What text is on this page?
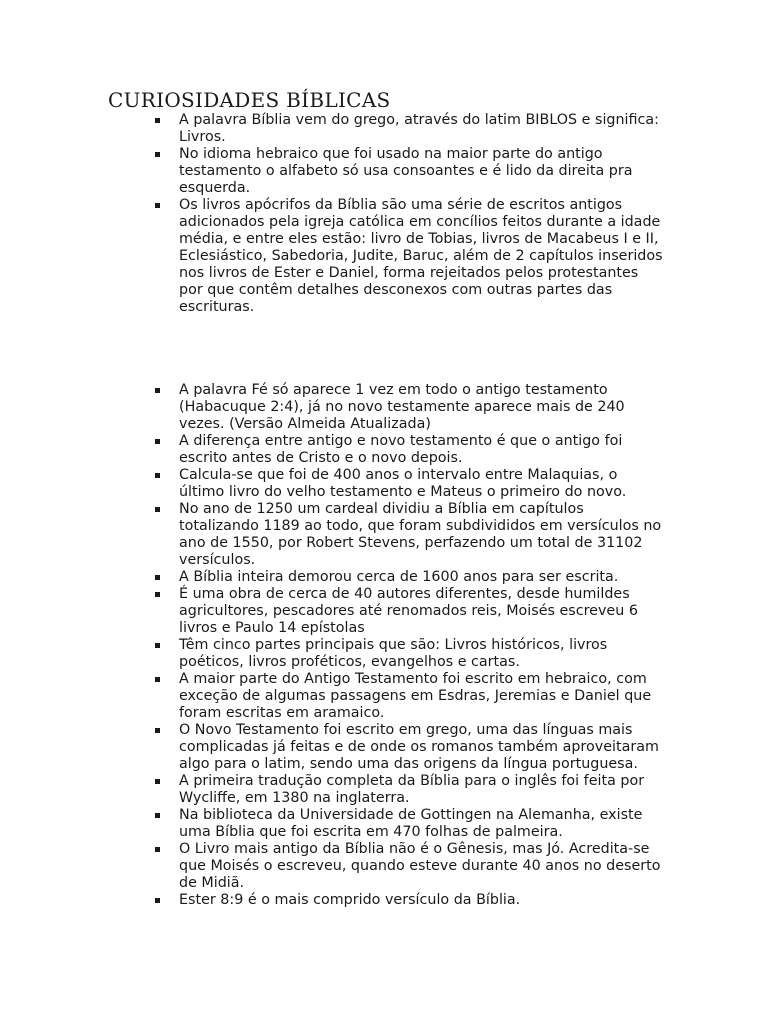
CURIOSIDADES BÍBLICAS
A palavra Bíblia vem do grego, através do latim BIBLOS e significa: Livros.
No idioma hebraico que foi usado na maior parte do antigo testamento o alfabeto só usa consoantes e é lido da direita pra esquerda.
Os livros apócrifos da Bíblia são uma série de escritos antigos adicionados pela igreja católica em concílios feitos durante a idade média, e entre eles estão: livro de Tobias, livros de Macabeus I e II, Eclesiástico, Sabedoria, Judite, Baruc, além de 2 capítulos inseridos nos livros de Ester e Daniel, forma rejeitados pelos protestantes por que contêm detalhes desconexos com outras partes das escrituras.
A palavra Fé só aparece 1 vez em todo o antigo testamento (Habacuque 2:4), já no novo testamente aparece mais de 240 vezes. (Versão Almeida Atualizada)
A diferença entre antigo e novo testamento é que o antigo foi escrito antes de Cristo e o novo depois.
Calcula-se que foi de 400 anos o intervalo entre Malaquias, o último livro do velho testamento e Mateus o primeiro do novo.
No ano de 1250 um cardeal dividiu a Bíblia em capítulos totalizando 1189 ao todo, que foram subdivididos em versículos no ano de 1550, por Robert Stevens, perfazendo um total de 31102 versículos.
A Bíblia inteira demorou cerca de 1600 anos para ser escrita.
É uma obra de cerca de 40 autores diferentes, desde humildes agricultores, pescadores até renomados reis, Moisés escreveu 6 livros e Paulo 14 epístolas
Têm cinco partes principais que são: Livros históricos, livros poéticos, livros proféticos, evangelhos e cartas.
A maior parte do Antigo Testamento foi escrito em hebraico, com exceção de algumas passagens em Esdras, Jeremias e Daniel que foram escritas em aramaico.
O Novo Testamento foi escrito em grego, uma das línguas mais complicadas já feitas e de onde os romanos também aproveitaram algo para o latim, sendo uma das origens da língua portuguesa.
A primeira tradução completa da Bíblia para o inglês foi feita por Wycliffe, em 1380 na inglaterra.
Na biblioteca da Universidade de Gottingen na Alemanha, existe uma Bíblia que foi escrita em 470 folhas de palmeira.
O Livro mais antigo da Bíblia não é o Gênesis, mas Jó. Acredita-se que Moisés o escreveu, quando esteve durante 40 anos no deserto de Midiã.
Ester 8:9 é o mais comprido versículo da Bíblia.
